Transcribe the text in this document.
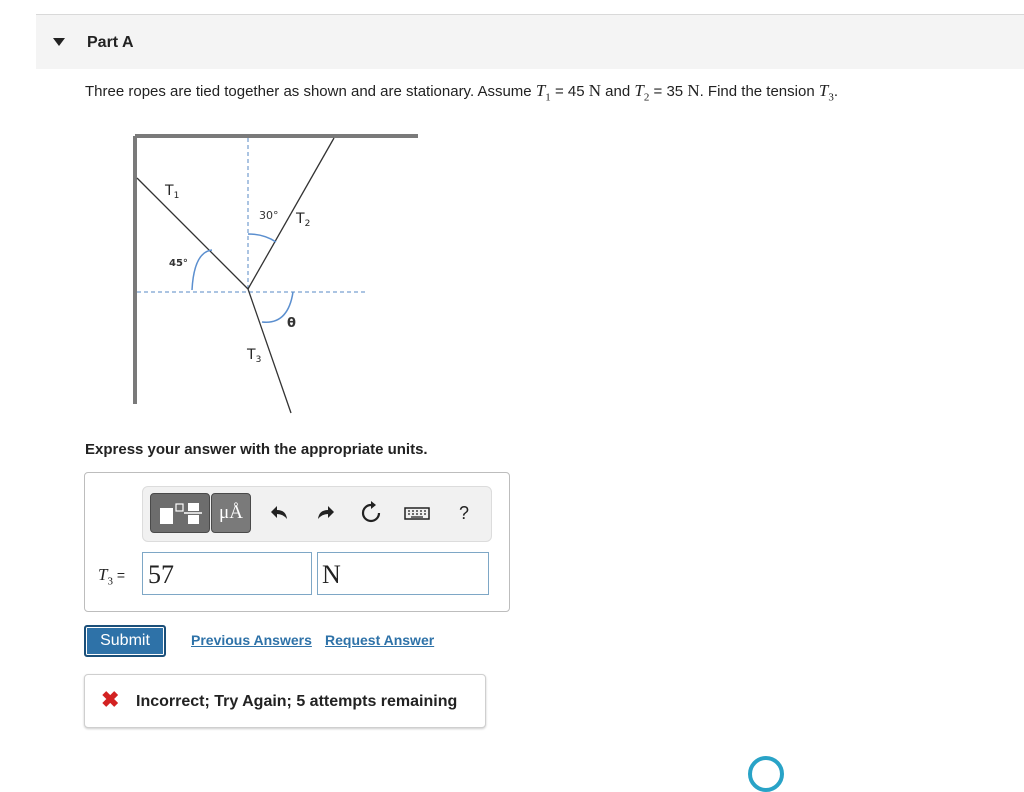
Part A
Three ropes are tied together as shown and are stationary. Assume $T_1 = 45$ N and $T_2 = 35$ N. Find the tension $T_3$.
$T_1$
$T_2$
$T_3$
45°
30°
θ
Express your answer with the appropriate units.
μÅ	?
$T_3 = 57$	N
Submit	Previous Answers Request Answer
✖ Incorrect; Try Again; 5 attempts remaining
